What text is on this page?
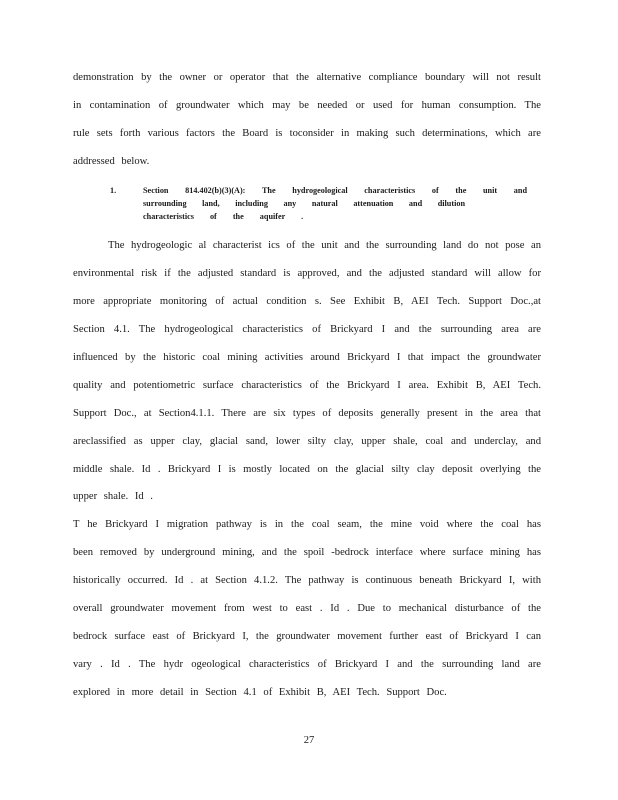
demonstration by the owner or operator that the alternative compliance boundary will not result
in contamination of groundwater which may be needed or used for human consumption. The
rule sets forth various factors the Board is toconsider in making such determinations, which are
addressed below.
1.	Section 814.402(b)(3)(A): The hydrogeological characteristics of the unit and
surrounding land, including any natural attenuation and dilution
characteristics of the aquifer .
The hydrogeologic al characterist ics of the unit and the surrounding land do not pose an
environmental risk if the adjusted standard is approved, and the adjusted standard will allow for
more appropriate monitoring of actual condition s. See Exhibit B, AEI Tech. Support Doc.,at
Section 4.1. The hydrogeological characteristics of Brickyard I and the surrounding area are
influenced by the historic coal mining activities around Brickyard I that impact the groundwater
quality and potentiometric surface characteristics of the Brickyard I area. Exhibit B, AEI Tech.
Support Doc., at Section4.1.1. There are six types of deposits generally present in the area that
areclassified as upper clay, glacial sand, lower silty clay, upper shale, coal and underclay, and
middle shale. Id . Brickyard I is mostly located on the glacial silty clay deposit overlying the
upper shale. Id .
T he Brickyard I migration pathway is in the coal seam, the mine void where the coal has
been removed by underground mining, and the spoil -bedrock interface where surface mining has
historically occurred. Id . at Section 4.1.2. The pathway is continuous beneath Brickyard I, with
overall groundwater movement from west to east . Id . Due to mechanical disturbance of the
bedrock surface east of Brickyard I, the groundwater movement further east of Brickyard I can
vary . Id . The hydr ogeological characteristics of Brickyard I and the surrounding land are
explored in more detail in Section 4.1 of Exhibit B, AEI Tech. Support Doc.
27
